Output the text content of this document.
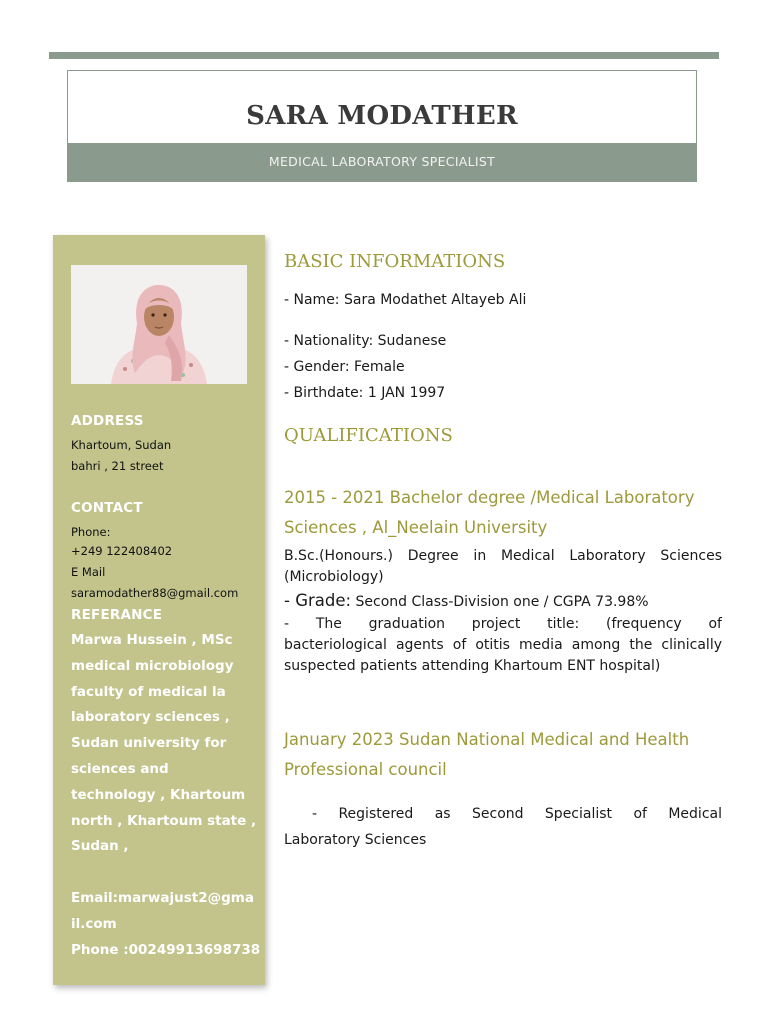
SARA MODATHER
MEDICAL LABORATORY SPECIALIST
ADDRESS
Khartoum, Sudan
bahri , 21 street
CONTACT
Phone:
+249 122408402
E Mail
saramodather88@gmail.com
REFERANCE
Marwa Hussein , MSc
medical microbiology
faculty of medical la
laboratory sciences ,
Sudan university for
sciences and
technology , Khartoum
north , Khartoum state ,
Sudan ,

Email:marwajust2@gma
il.com
Phone :00249913698738
BASIC INFORMATIONS
- Name: Sara Modathet Altayeb Ali
- Nationality: Sudanese
- Gender: Female
- Birthdate: 1 JAN 1997
QUALIFICATIONS
2015 - 2021 Bachelor degree /Medical Laboratory
Sciences , Al_Neelain University
B.Sc.(Honours.) Degree in Medical Laboratory Sciences
(Microbiology)
- Grade: Second Class-Division one / CGPA 73.98%
- The graduation project title: (frequency of
bacteriological agents of otitis media among the clinically
suspected patients attending Khartoum ENT hospital)
January 2023 Sudan National Medical and Health
Professional council
- Registered as Second Specialist of Medical
Laboratory Sciences
